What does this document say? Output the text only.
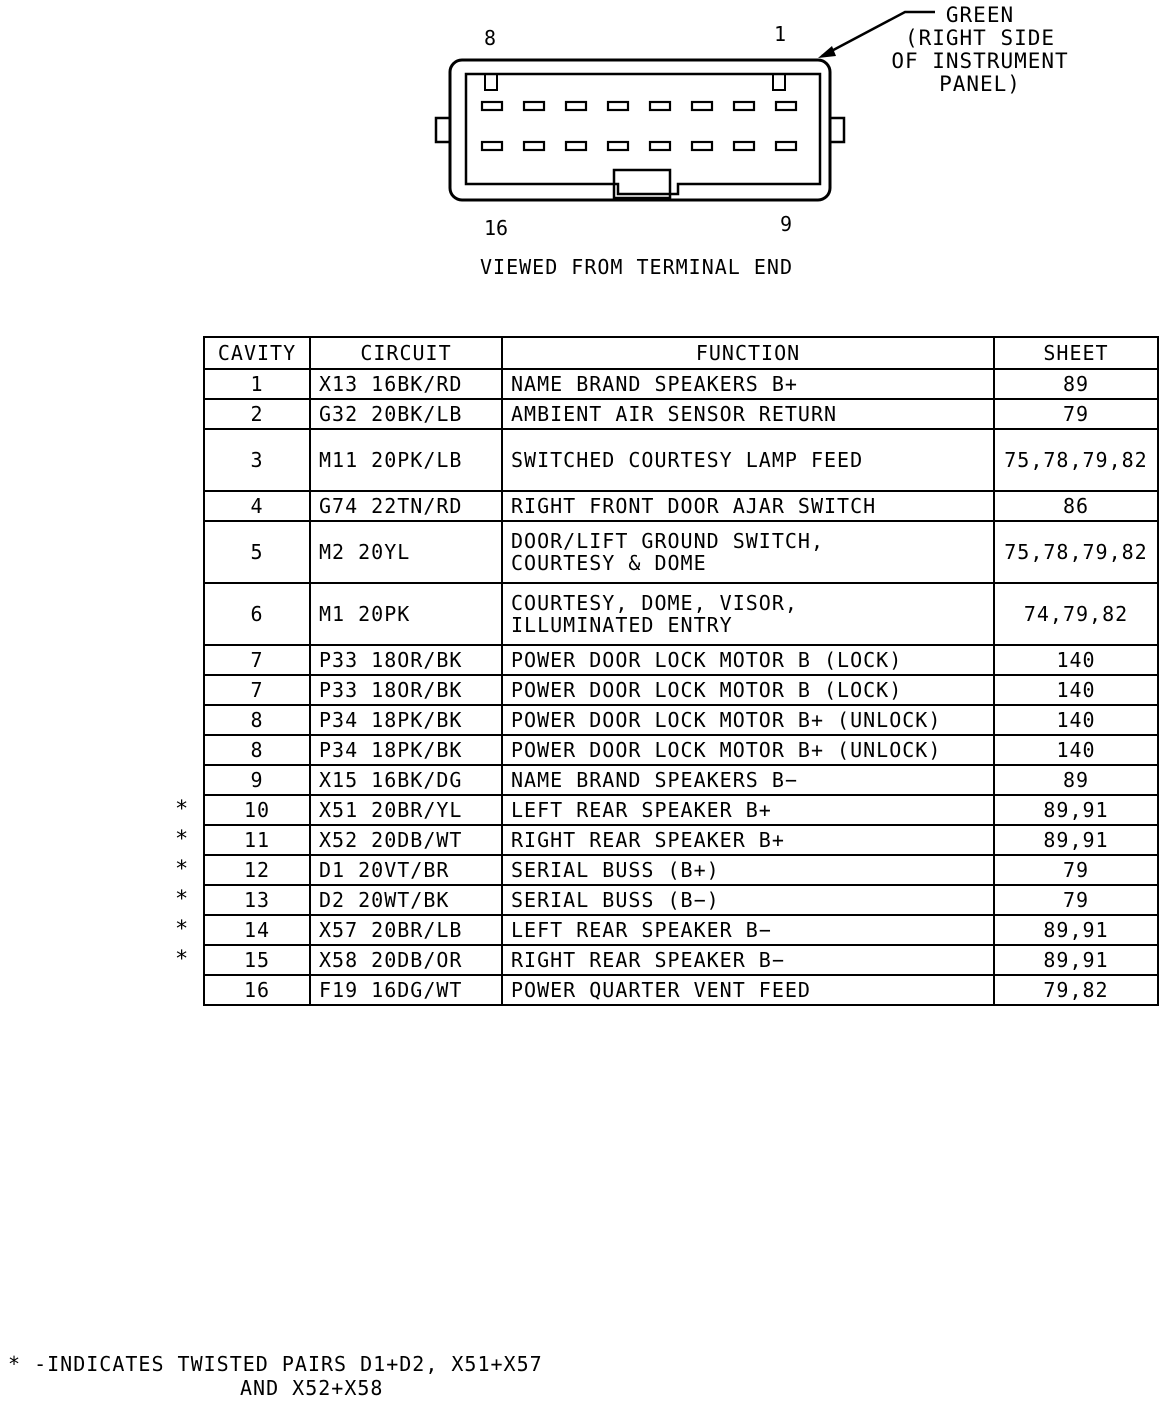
8	1
16	9
GREEN
(RIGHT SIDE
OF INSTRUMENT
PANEL)
VIEWED FROM TERMINAL END
CAVITY	CIRCUIT	FUNCTION	SHEET
1	X13 16BK/RD	NAME BRAND SPEAKERS B+	89
2	G32 20BK/LB	AMBIENT AIR SENSOR RETURN	79
3	M11 20PK/LB	SWITCHED COURTESY LAMP FEED	75,78,79,82
4	G74 22TN/RD	RIGHT FRONT DOOR AJAR SWITCH	86
5	M2 20YL	DOOR/LIFT GROUND SWITCH,
COURTESY & DOME	75,78,79,82
6	M1 20PK	COURTESY, DOME, VISOR,
ILLUMINATED ENTRY	74,79,82
7	P33 18OR/BK	POWER DOOR LOCK MOTOR B (LOCK)	140
7	P33 18OR/BK	POWER DOOR LOCK MOTOR B (LOCK)	140
8	P34 18PK/BK	POWER DOOR LOCK MOTOR B+ (UNLOCK)	140
8	P34 18PK/BK	POWER DOOR LOCK MOTOR B+ (UNLOCK)	140
9	X15 16BK/DG	NAME BRAND SPEAKERS B−	89
10	X51 20BR/YL	LEFT REAR SPEAKER B+	89,91
11	X52 20DB/WT	RIGHT REAR SPEAKER B+	89,91
12	D1 20VT/BR	SERIAL BUSS (B+)	79
13	D2 20WT/BK	SERIAL BUSS (B−)	79
14	X57 20BR/LB	LEFT REAR SPEAKER B−	89,91
15	X58 20DB/OR	RIGHT REAR SPEAKER B−	89,91
16	F19 16DG/WT	POWER QUARTER VENT FEED	79,82
*
*
*
*
*
*
* -INDICATES TWISTED PAIRS D1+D2, X51+X57
AND X52+X58
